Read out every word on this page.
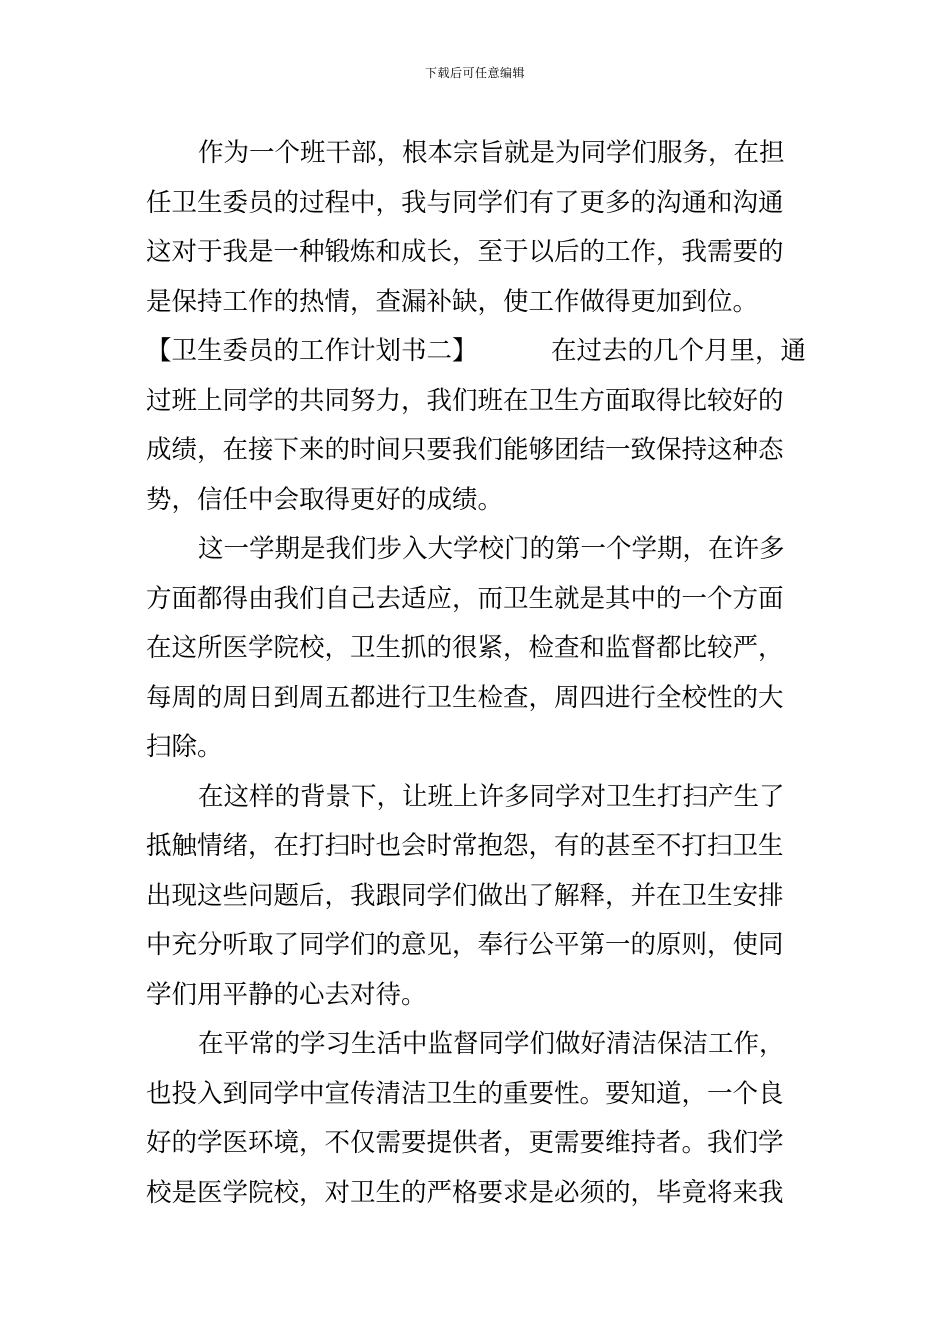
下载后可任意编辑
作为一个班干部，根本宗旨就是为同学们服务，在担
任卫生委员的过程中，我与同学们有了更多的沟通和沟通
这对于我是一种锻炼和成长，至于以后的工作，我需要的
是保持工作的热情，查漏补缺，使工作做得更加到位。
【卫生委员的工作计划书二】	在过去的几个月里，通
过班上同学的共同努力，我们班在卫生方面取得比较好的
成绩，在接下来的时间只要我们能够团结一致保持这种态
势，信任中会取得更好的成绩。
这一学期是我们步入大学校门的第一个学期，在许多
方面都得由我们自己去适应，而卫生就是其中的一个方面
在这所医学院校，卫生抓的很紧，检查和监督都比较严，
每周的周日到周五都进行卫生检查，周四进行全校性的大
扫除。
在这样的背景下，让班上许多同学对卫生打扫产生了
抵触情绪，在打扫时也会时常抱怨，有的甚至不打扫卫生
出现这些问题后，我跟同学们做出了解释，并在卫生安排
中充分听取了同学们的意见，奉行公平第一的原则，使同
学们用平静的心去对待。
在平常的学习生活中监督同学们做好清洁保洁工作，
也投入到同学中宣传清洁卫生的重要性。要知道，一个良
好的学医环境，不仅需要提供者，更需要维持者。我们学
校是医学院校，对卫生的严格要求是必须的，毕竟将来我
